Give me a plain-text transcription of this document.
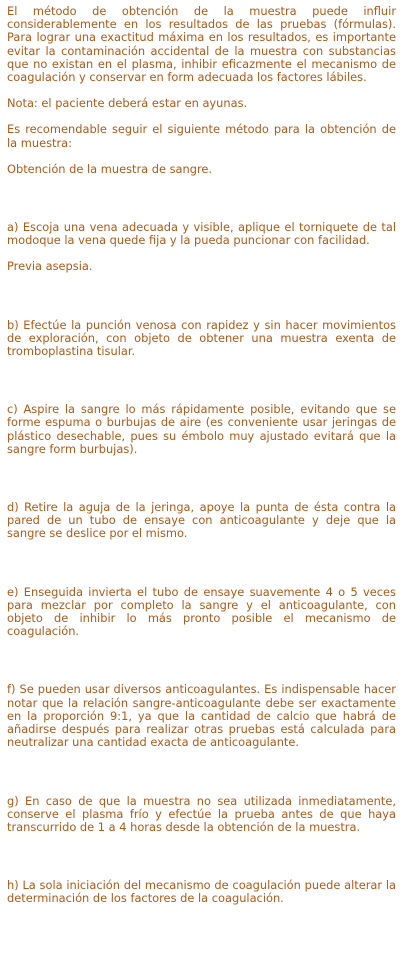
El método de obtención de la muestra puede influir considerablemente en los resultados de las pruebas (fórmulas). Para lograr una exactitud máxima en los resultados, es importante evitar la contaminación accidental de la muestra con substancias que no existan en el plasma, inhibir eficazmente el mecanismo de coagulación y conservar en form adecuada los factores lábiles.

Nota: el paciente deberá estar en ayunas.

Es recomendable seguir el siguiente método para la obtención de la muestra:

Obtención de la muestra de sangre.

a) Escoja una vena adecuada y visible, aplique el torniquete de tal modoque la vena quede fija y la pueda puncionar con facilidad.

Previa asepsia.

b) Efectúe la punción venosa con rapidez y sin hacer movimientos de exploración, con objeto de obtener una muestra exenta de tromboplastina tisular.

c) Aspire la sangre lo más rápidamente posible, evitando que se forme espuma o burbujas de aire (es conveniente usar jeringas de plástico desechable, pues su émbolo muy ajustado evitará que la sangre form burbujas).

d) Retire la aguja de la jeringa, apoye la punta de ésta contra la pared de un tubo de ensaye con anticoagulante y deje que la sangre se deslice por el mismo.

e) Enseguida invierta el tubo de ensaye suavemente 4 o 5 veces para mezclar por completo la sangre y el anticoagulante, con objeto de inhibir lo más pronto posible el mecanismo de coagulación.

f) Se pueden usar diversos anticoagulantes. Es indispensable hacer notar que la relación sangre-anticoagulante debe ser exactamente en la proporción 9:1, ya que la cantidad de calcio que habrá de añadirse después para realizar otras pruebas está calculada para neutralizar una cantidad exacta de anticoagulante.

g) En caso de que la muestra no sea utilizada inmediatamente, conserve el plasma frío y efectúe la prueba antes de que haya transcurrido de 1 a 4 horas desde la obtención de la muestra.

h) La sola iniciación del mecanismo de coagulación puede alterar la determinación de los factores de la coagulación.
